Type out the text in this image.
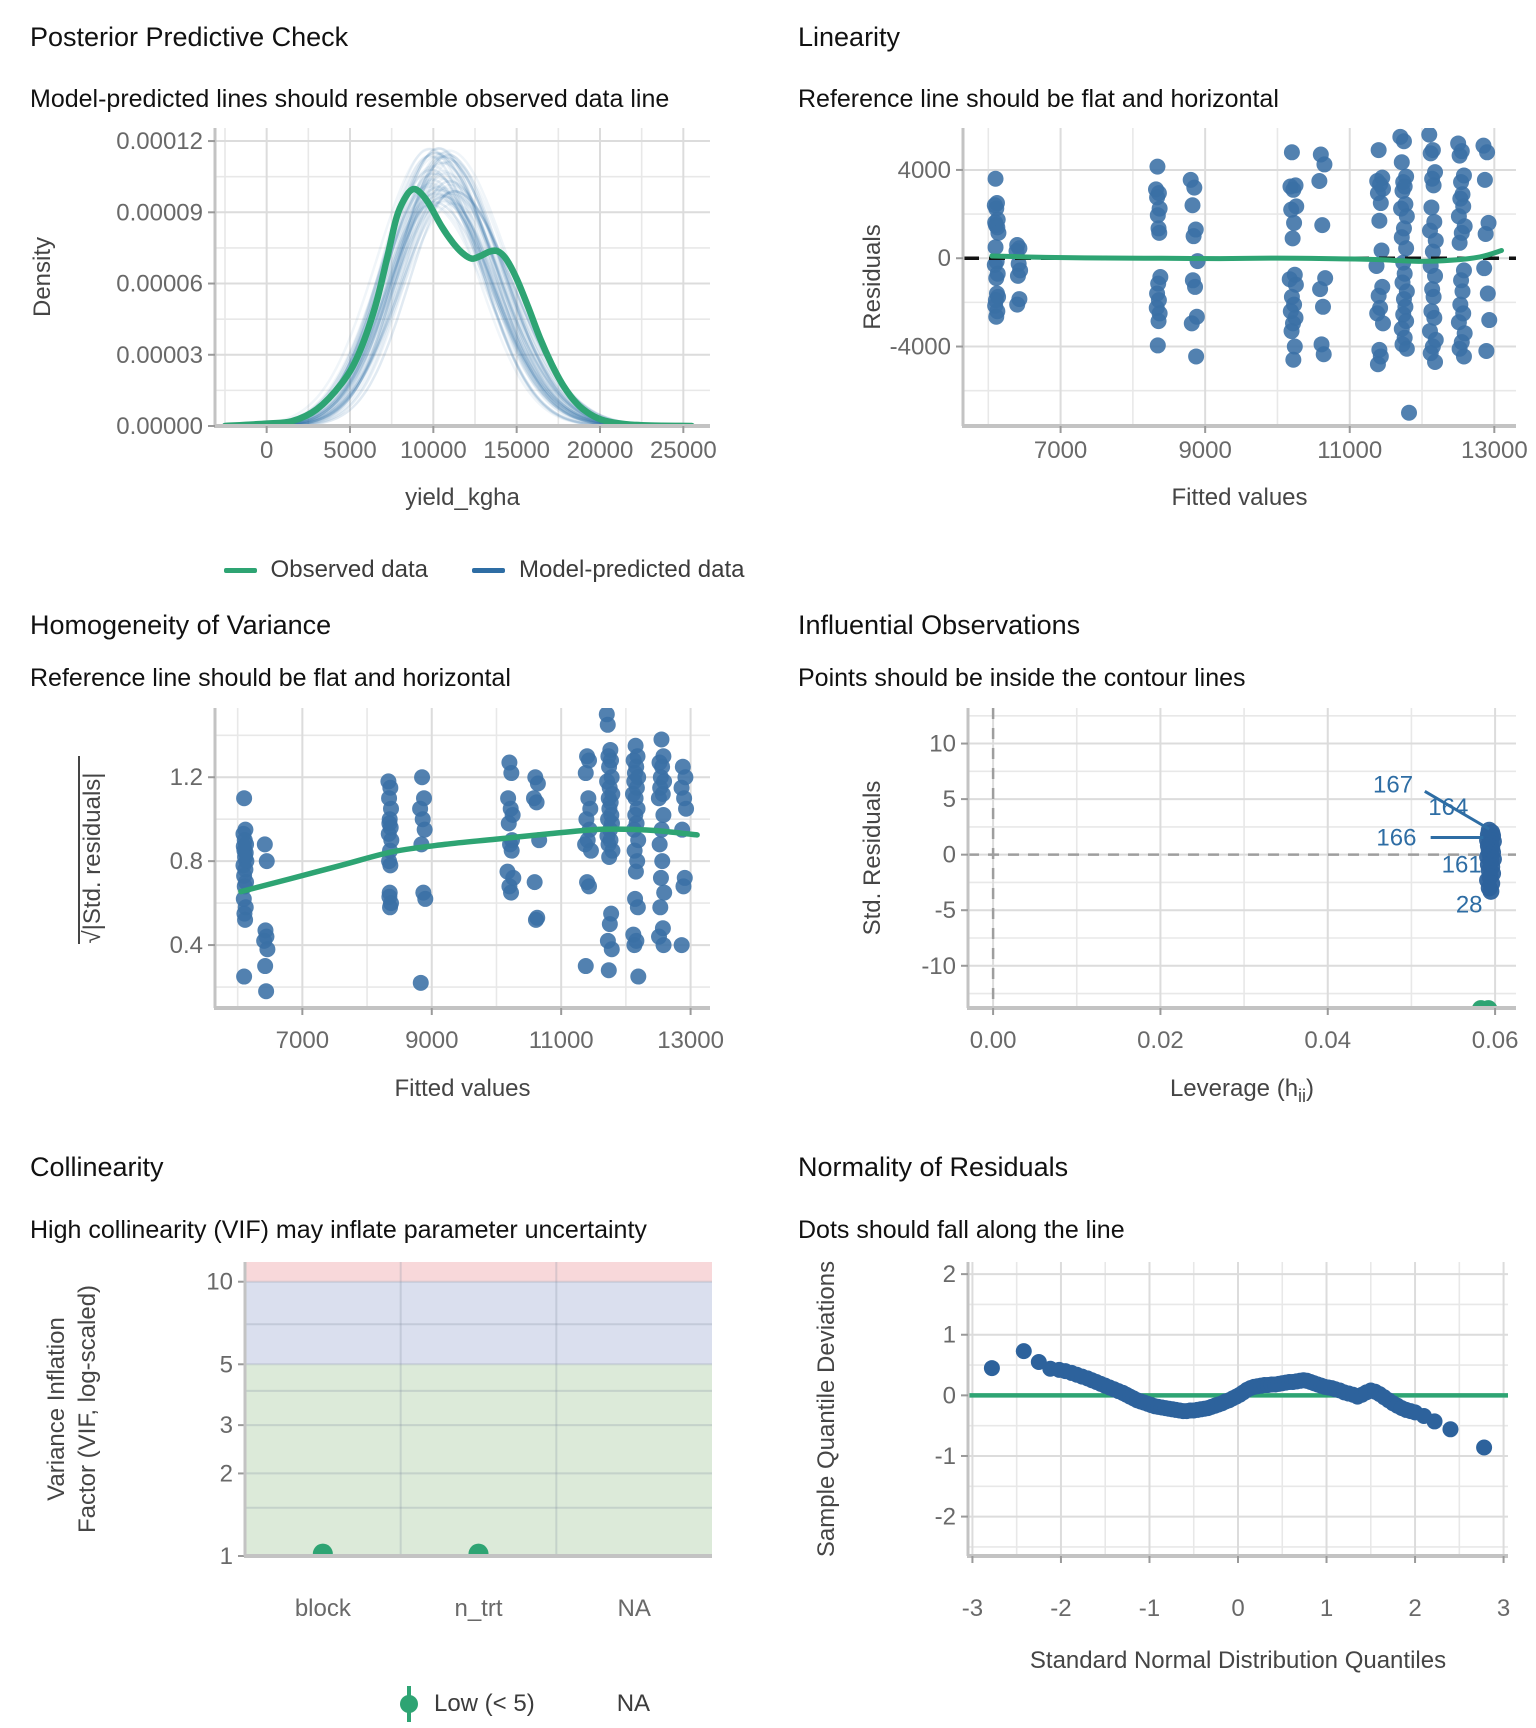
Posterior Predictive Check
Model-predicted lines should resemble observed data line
0 5000 10000 15000 20000 25000
0.00000
0.00003
0.00006
0.00009
0.00012
Density
yield_kgha
Observed data	Model-predicted data
Linearity
Reference line should be flat and horizontal
7000	9000	11000	13000
4000
0
-4000
Residuals
Fitted values
Homogeneity of Variance
Reference line should be flat and horizontal
7000	9000	11000	13000
0.4
0.8
1.2
√|Std. residuals|
Fitted values
Influential Observations
Points should be inside the contour lines
167
164
166
161
28
0.00	0.02	0.04	0.06
10
5
0
-5
-10
Std. Residuals
Leverage $(h_{ii})$
Collinearity
High collinearity (VIF) may inflate parameter uncertainty
1
2
3
5
10
block	n_trt	NA
Variance Inflation Factor (VIF, log-scaled)
Low (< 5)	NA
Normality of Residuals
Dots should fall along the line
-3	-2	-1	0	1	2	3
2
1
0
-1
-2
Sample Quantile Deviations
Standard Normal Distribution Quantiles
